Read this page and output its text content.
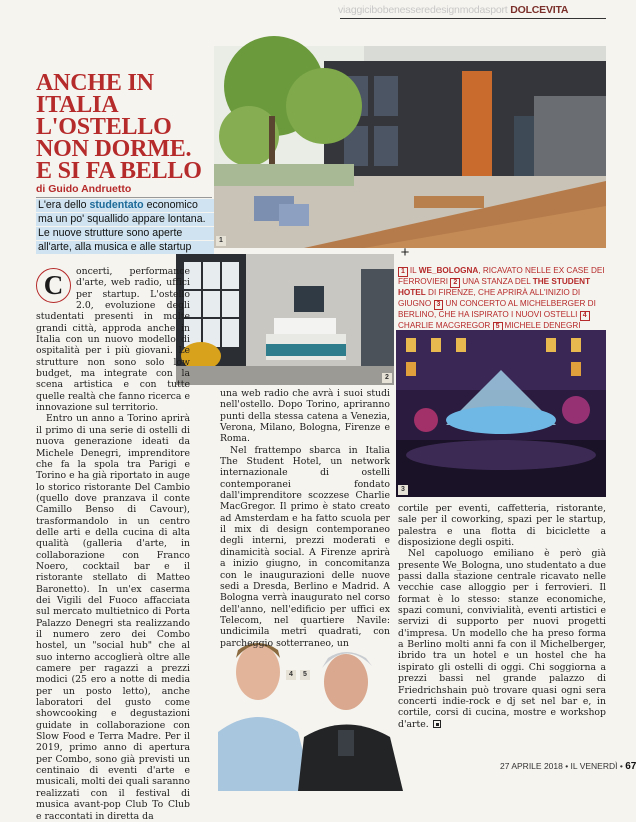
viaggicibobenesseredesignmodasport DOLCEVITA
ANCHE IN ITALIA L'OSTELLO NON DORME. E SI FA BELLO
di Guido Andruetto
L'era dello studentato economico
ma un po' squallido appare lontana.
Le nuove strutture sono aperte
all'arte, alla musica e alle startup
1
+
2
1 IL WE_BOLOGNA, RICAVATO NELLE EX CASE DEI FERROVIERI 2 UNA STANZA DEL THE STUDENT HOTEL DI FIRENZE, CHE APRIRÀ ALL'INIZIO DI GIUGNO 3 UN CONCERTO AL MICHELBERGER DI BERLINO, CHE HA ISPIRATO I NUOVI OSTELLI 4CHARLIE MACGREGOR 5 MICHELE DENEGRI
3
4	5

C	oncerti, performance d'arte, web radio, uffici per startup. L'ostello 2.0, evoluzione degli studentati presenti in molte grandi città, approda anche in Italia con un nuovo modello di ospitalità per i più giovani. Le strutture non sono solo low budget, ma integrate con la scena artistica e con tutte quelle realtà che fanno ricerca e innovazione sul territorio.

Entro un anno a Torino aprirà il primo di una serie di ostelli di nuova generazione ideati da Michele Denegri, imprenditore che fa la spola tra Parigi e Torino e ha già riportato in auge lo storico ristorante Del Cambio (quello dove pranzava il conte Camillo Benso di Cavour), trasformandolo in un centro delle arti e della cucina di alta qualità (galleria d'arte, in collaborazione con Franco Noero, cocktail bar e il ristorante stellato di Matteo Baronetto). In un'ex caserma dei Vigili del Fuoco affacciata sul mercato multietnico di Porta Palazzo Denegri sta realizzando il numero zero dei Combo hostel, un "social hub" che al suo interno accoglierà oltre alle camere per ragazzi a prezzi modici (25 ero a notte di media per un posto letto), anche laboratori del gusto come showcooking e degustazioni guidate in collaborazione con Slow Food e Terra Madre. Per il 2019, primo anno di apertura per Combo, sono già previsti un centinaio di eventi d'arte e musicali, molti dei quali saranno realizzati con il festival di musica avant-pop Club To Club e raccontati in diretta da

una web radio che avrà i suoi studi nell'ostello. Dopo Torino, apriranno punti della stessa catena a Venezia, Verona, Milano, Bologna, Firenze e Roma.

Nel frattempo sbarca in Italia The Student Hotel, un network internazionale di ostelli contemporanei fondato dall'imprenditore scozzese Charlie MacGregor. Il primo è stato creato ad Amsterdam e ha fatto scuola per il mix di design contemporaneo degli interni, prezzi moderati e dinamicità social. A Firenze aprirà a inizio giugno, in concomitanza con le inaugurazioni delle nuove sedi a Dresda, Berlino e Madrid. A Bologna verrà inaugurato nel corso dell'anno, nell'edificio per uffici ex Telecom, nel quartiere Navile: undicimila metri quadrati, con parcheggio sotterraneo, un

cortile per eventi, caffetteria, ristorante, sale per il coworking, spazi per le startup, palestra e una flotta di biciclette a disposizione degli ospiti.

Nel capoluogo emiliano è però già presente We_Bologna, uno studentato a due passi dalla stazione centrale ricavato nelle vecchie case alloggio per i ferrovieri. Il format è lo stesso: stanze economiche, spazi comuni, convivialità, eventi artistici e servizi di supporto per nuovi progetti d'impresa. Un modello che ha preso forma a Berlino molti anni fa con il Michelberger, ibrido tra un hotel e un hostel che ha ispirato gli ostelli di oggi. Chi soggiorna a prezzi bassi nel grande palazzo di Friedrichshain può trovare quasi ogni sera concerti indie-rock e dj set nel bar e, in cortile, corsi di cucina, mostre e workshop d'arte.

27 APRILE 2018 • IL VENERDÌ • 67
